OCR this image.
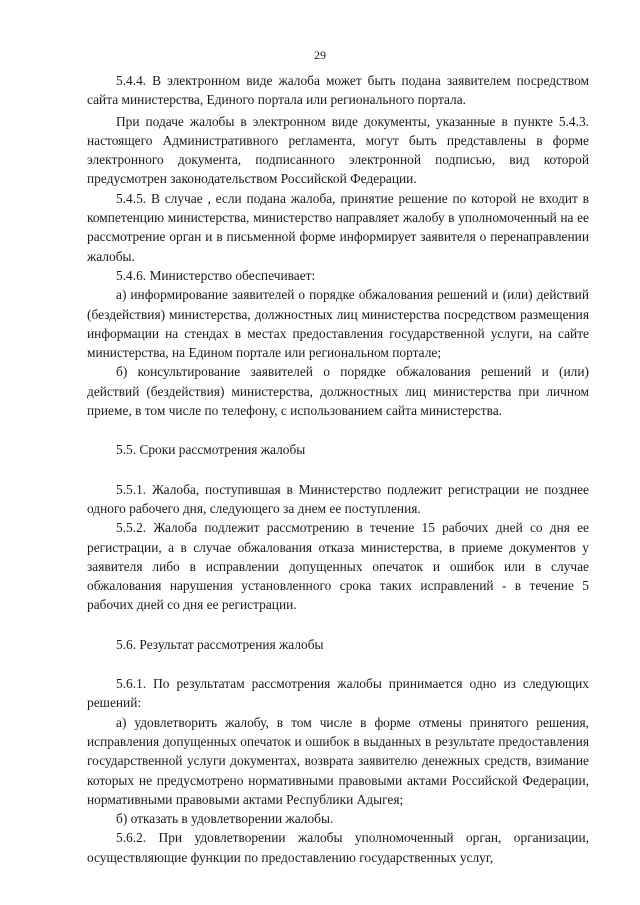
29

5.4.4. В электронном виде жалоба может быть подана заявителем посредством сайта министерства, Единого портала или регионального портала.

При подаче жалобы в электронном виде документы, указанные в пункте 5.4.3. настоящего Административного регламента, могут быть представлены в форме электронного документа, подписанного электронной подписью, вид которой предусмотрен законодательством Российской Федерации.

5.4.5. В случае , если подана жалоба, принятие решение по которой не входит в компетенцию министерства, министерство направляет жалобу в уполномоченный на ее рассмотрение орган и в письменной форме информирует заявителя о перенаправлении жалобы.

5.4.6. Министерство обеспечивает:

а) информирование заявителей о порядке обжалования решений и (или) действий (бездействия) министерства, должностных лиц министерства посредством размещения информации на стендах в местах предоставления государственной услуги, на сайте министерства, на Едином портале или региональном портале;

б) консультирование заявителей о порядке обжалования решений и (или) действий (бездействия) министерства, должностных лиц министерства при личном приеме, в том числе по телефону, с использованием сайта министерства.

5.5. Сроки рассмотрения жалобы

5.5.1. Жалоба, поступившая в Министерство подлежит регистрации не позднее одного рабочего дня, следующего за днем ее поступления.

5.5.2. Жалоба подлежит рассмотрению в течение 15 рабочих дней со дня ее регистрации, а в случае обжалования отказа министерства, в приеме документов у заявителя либо в исправлении допущенных опечаток и ошибок или в случае обжалования нарушения установленного срока таких исправлений - в течение 5 рабочих дней со дня ее регистрации.

5.6. Результат рассмотрения жалобы

5.6.1. По результатам рассмотрения жалобы принимается одно из следующих решений:

а) удовлетворить жалобу, в том числе в форме отмены принятого решения, исправления допущенных опечаток и ошибок в выданных в результате предоставления государственной услуги документах, возврата заявителю денежных средств, взимание которых не предусмотрено нормативными правовыми актами Российской Федерации, нормативными правовыми актами Республики Адыгея;

б) отказать в удовлетворении жалобы.

5.6.2. При удовлетворении жалобы уполномоченный орган, организации, осуществляющие функции по предоставлению государственных услуг,
